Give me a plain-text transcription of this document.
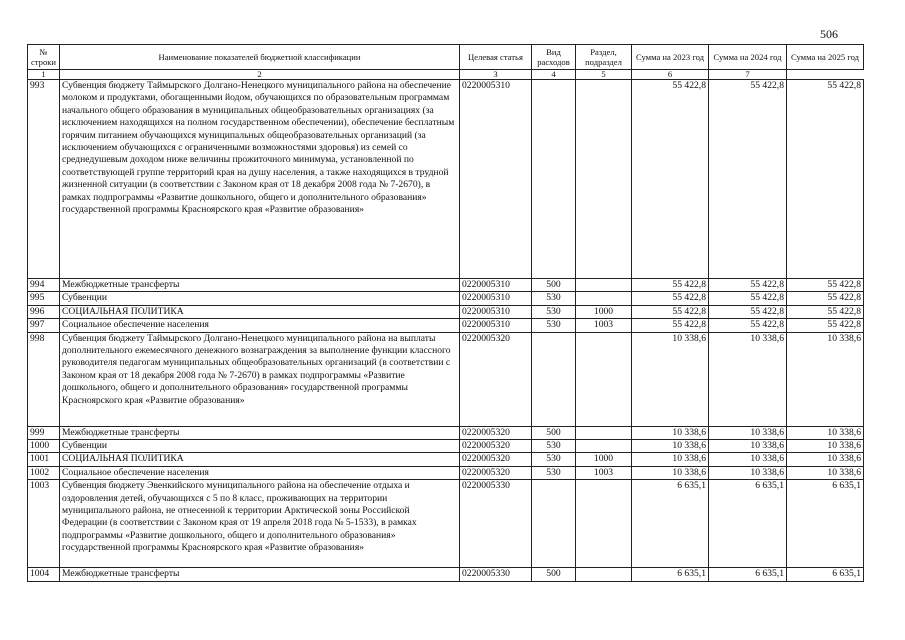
506
№ строки	Наименование показателей бюджетной классификации	Целевая статья	Вид расходов	Раздел, подраздел	Сумма на 2023 год	Сумма на 2024 год	Сумма на 2025 год
1	2	3	4	5	6	7	
993	Субвенция бюджету Таймырского Долгано-Ненецкого муниципального района на обеспечение молоком и продуктами, обогащенными йодом, обучающихся по образовательным программам начального общего образования в муниципальных общеобразовательных организациях (за исключением находящихся на полном государственном обеспечении), обеспечение бесплатным горячим питанием обучающихся муниципальных общеобразовательных организаций (за исключением обучающихся с ограниченными возможностями здоровья) из семей со среднедушевым доходом ниже величины прожиточного минимума, установленной по соответствующей группе территорий края на душу населения, а также находящихся в трудной жизненной ситуации (в соответствии с Законом края от 18 декабря 2008 года № 7-2670), в рамках подпрограммы «Развитие дошкольного, общего и дополнительного образования» государственной программы Красноярского края «Развитие образования»	0220005310			55 422,8	55 422,8	55 422,8
994	Межбюджетные трансферты	0220005310	500		55 422,8	55 422,8	55 422,8
995	Субвенции	0220005310	530		55 422,8	55 422,8	55 422,8
996	СОЦИАЛЬНАЯ ПОЛИТИКА	0220005310	530	1000	55 422,8	55 422,8	55 422,8
997	Социальное обеспечение населения	0220005310	530	1003	55 422,8	55 422,8	55 422,8
998	Субвенция бюджету Таймырского Долгано-Ненецкого муниципального района на выплаты дополнительного ежемесячного денежного вознаграждения за выполнение функции классного руководителя педагогам муниципальных общеобразовательных организаций (в соответствии с Законом края от 18 декабря 2008 года № 7-2670) в рамках подпрограммы «Развитие дошкольного, общего и дополнительного образования» государственной программы Красноярского края «Развитие образования»	0220005320			10 338,6	10 338,6	10 338,6
999	Межбюджетные трансферты	0220005320	500		10 338,6	10 338,6	10 338,6
1000	Субвенции	0220005320	530		10 338,6	10 338,6	10 338,6
1001	СОЦИАЛЬНАЯ ПОЛИТИКА	0220005320	530	1000	10 338,6	10 338,6	10 338,6
1002	Социальное обеспечение населения	0220005320	530	1003	10 338,6	10 338,6	10 338,6
1003	Субвенция бюджету Эвенкийского муниципального района на обеспечение отдыха и оздоровления детей, обучающихся с 5 по 8 класс, проживающих на территории муниципального района, не отнесенной к территории Арктической зоны Российской Федерации (в соответствии с Законом края от 19 апреля 2018 года № 5-1533), в рамках подпрограммы «Развитие дошкольного, общего и дополнительного образования» государственной программы Красноярского края «Развитие образования»	0220005330			6 635,1	6 635,1	6 635,1
1004	Межбюджетные трансферты	0220005330	500		6 635,1	6 635,1	6 635,1
